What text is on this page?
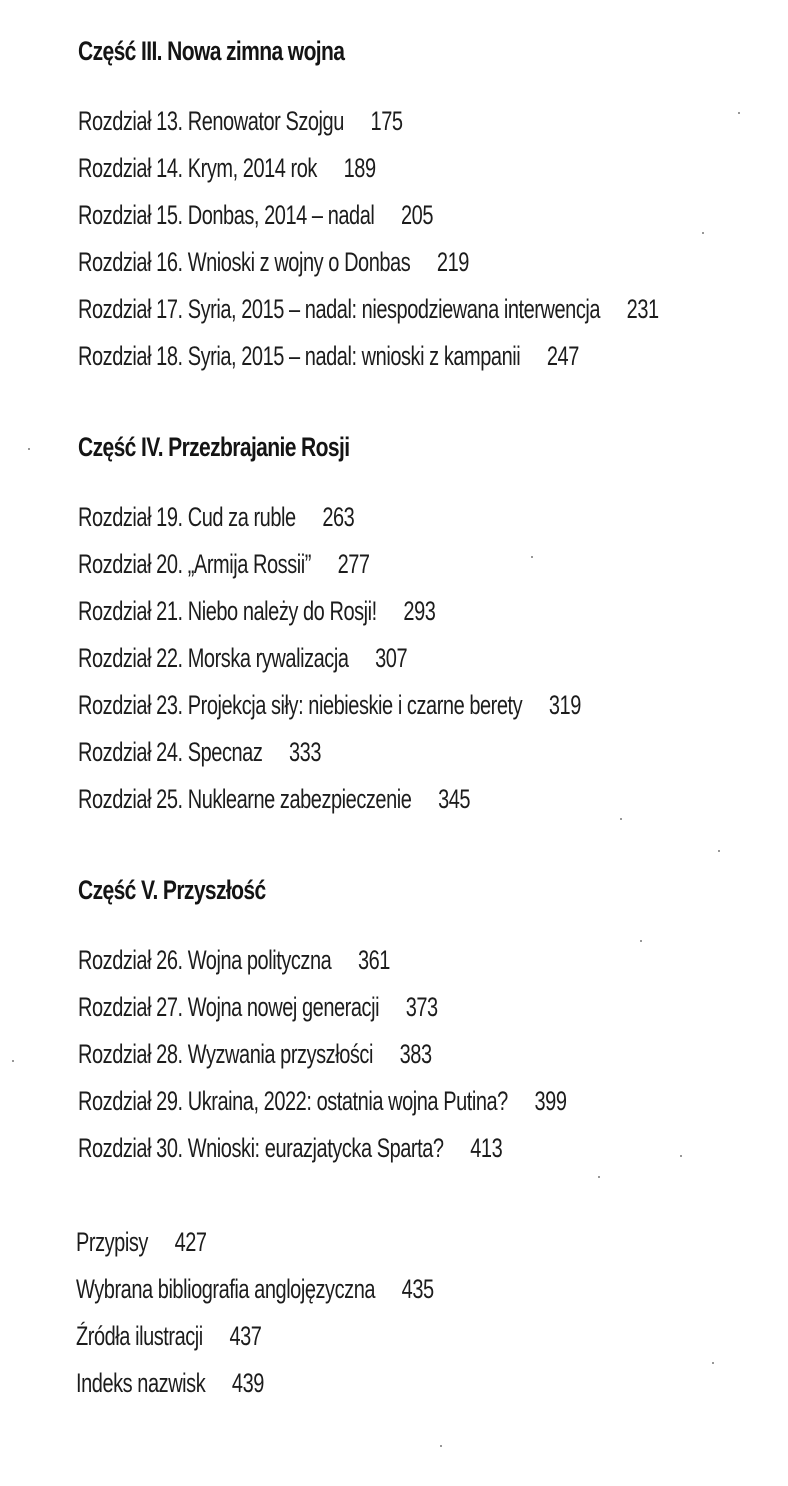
Część III. Nowa zimna wojna
Rozdział 13. Renowator Szojgu 175
Rozdział 14. Krym, 2014 rok 189
Rozdział 15. Donbas, 2014 – nadal 205
Rozdział 16. Wnioski z wojny o Donbas 219
Rozdział 17. Syria, 2015 – nadal: niespodziewana interwencja 231
Rozdział 18. Syria, 2015 – nadal: wnioski z kampanii 247
Część IV. Przezbrajanie Rosji
Rozdział 19. Cud za ruble 263
Rozdział 20. „Armija Rossii” 277
Rozdział 21. Niebo należy do Rosji! 293
Rozdział 22. Morska rywalizacja 307
Rozdział 23. Projekcja siły: niebieskie i czarne berety 319
Rozdział 24. Specnaz 333
Rozdział 25. Nuklearne zabezpieczenie 345
Część V. Przyszłość
Rozdział 26. Wojna polityczna 361
Rozdział 27. Wojna nowej generacji 373
Rozdział 28. Wyzwania przyszłości 383
Rozdział 29. Ukraina, 2022: ostatnia wojna Putina? 399
Rozdział 30. Wnioski: eurazjatycka Sparta? 413
Przypisy 427
Wybrana bibliografia anglojęzyczna 435
Źródła ilustracji 437
Indeks nazwisk 439
